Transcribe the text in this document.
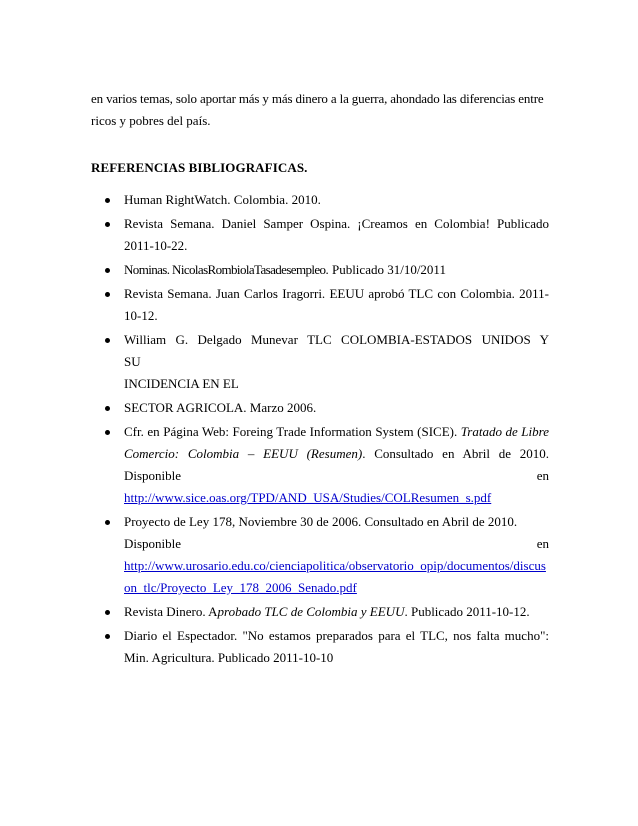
en varios temas, solo aportar más y más dinero a la guerra, ahondado las diferencias entre
ricos y pobres del país.
REFERENCIAS BIBLIOGRAFICAS.
Human RightWatch. Colombia. 2010.
Revista Semana. Daniel Samper Ospina. ¡Creamos en Colombia! Publicado 2011-10-22.
Nominas. NicolasRombiolaTasadesempleo. Publicado 31/10/2011
Revista Semana. Juan Carlos Iragorri. EEUU aprobó TLC con Colombia. 2011-10-12.
William G. Delgado Munevar TLC COLOMBIA-ESTADOS UNIDOS Y SU
INCIDENCIA EN EL
SECTOR AGRICOLA. Marzo 2006.
Cfr. en Página Web: Foreing Trade Information System (SICE). Tratado de Libre Comercio: Colombia – EEUU (Resumen). Consultado en Abril de 2010. Disponible en http://www.sice.oas.org/TPD/AND_USA/Studies/COLResumen_s.pdf
Proyecto de Ley 178, Noviembre 30 de 2006. Consultado en Abril de 2010.
Disponible	en
http://www.urosario.edu.co/cienciapolitica/observatorio_opip/documentos/discuson_tlc/Proyecto_Ley_178_2006_Senado.pdf
Revista Dinero. Aprobado TLC de Colombia y EEUU. Publicado 2011-10-12.
Diario el Espectador. "No estamos preparados para el TLC, nos falta mucho": Min. Agricultura. Publicado 2011-10-10
